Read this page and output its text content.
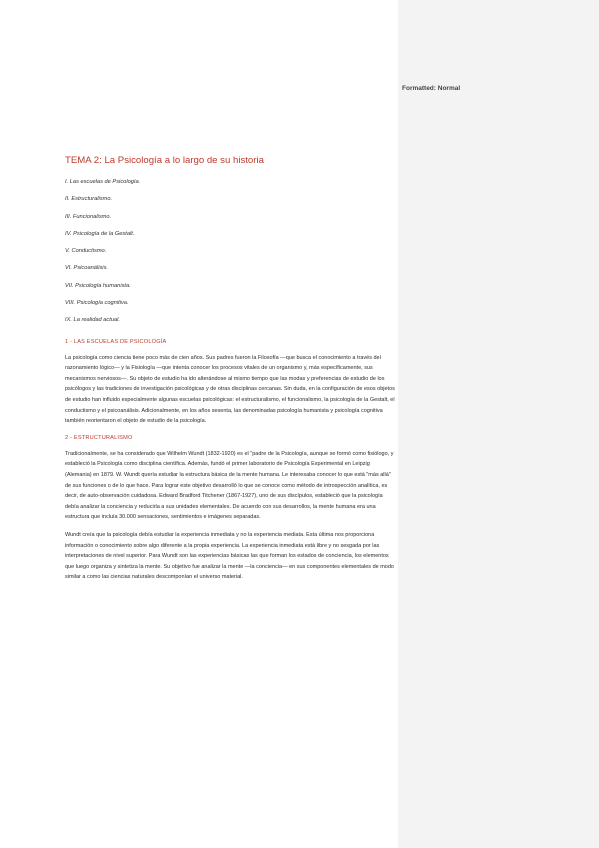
Formatted: Normal
TEMA 2: La Psicología a lo largo de su historia
I. Las escuelas de Psicología.
II. Estructuralismo.
III. Funcionalismo.
IV. Psicología de la Gestalt.
V. Conductismo.
VI. Psicoanálisis.
VII. Psicología humanista.
VIII. Psicología cognitiva.
IX. La realidad actual.
1 - LAS ESCUELAS DE PSICOLOGÍA

La psicología como ciencia tiene poco más de cien años. Sus padres fueron la Filosofía —que busca el conocimiento a través del razonamiento lógico— y la Fisiología —que intenta conocer los procesos vitales de un organismo y, más específicamente, sus mecanismos nerviosos—. Su objeto de estudio ha ido alterándose al mismo tiempo que las modas y preferencias de estudio de los psicólogos y las tradiciones de investigación psicológicas y de otras disciplinas cercanas. Sin duda, en la configuración de esos objetos de estudio han influido especialmente algunas escuelas psicológicas: el estructuralismo, el funcionalismo, la psicología de la Gestalt, el conductismo y el psicoanálisis. Adicionalmente, en los años sesenta, las denominadas psicología humanista y psicología cognitiva también reorientaron el objeto de estudio de la psicología.

2 - ESTRUCTURALISMO

Tradicionalmente, se ha considerado que Wilhelm Wundt (1832-1920) es el "padre de la Psicología, aunque se formó como fisiólogo, y estableció la Psicología como disciplina científica. Además, fundó el primer laboratorio de Psicología Experimental en Leipzig (Alemania) en 1879. W. Wundt quería estudiar la estructura básica de la mente humana. Le interesaba conocer lo que está "más allá" de sus funciones o de lo que hace. Para lograr este objetivo desarrolló lo que se conoce como método de introspección analítica, es decir, de auto-observación cuidadosa. Edward Bradford Titchener (1867-1927), uno de sus discípulos, estableció que la psicología debía analizar la conciencia y reducirla a sus unidades elementales. De acuerdo con sus desarrollos, la mente humana era una estructura que incluía 30.000 sensaciones, sentimientos e imágenes separadas.

Wundt creía que la psicología debía estudiar la experiencia inmediata y no la experiencia mediata. Esta última nos proporciona información o conocimiento sobre algo diferente a la propia experiencia. La experiencia inmediata está libre y no sesgada por las interpretaciones de nivel superior. Para Wundt son las experiencias básicas las que forman los estados de conciencia, los elementos que luego organiza y sintetiza la mente. Su objetivo fue analizar la mente —la conciencia— en sus componentes elementales de modo similar a como las ciencias naturales descomponían el universo material.
